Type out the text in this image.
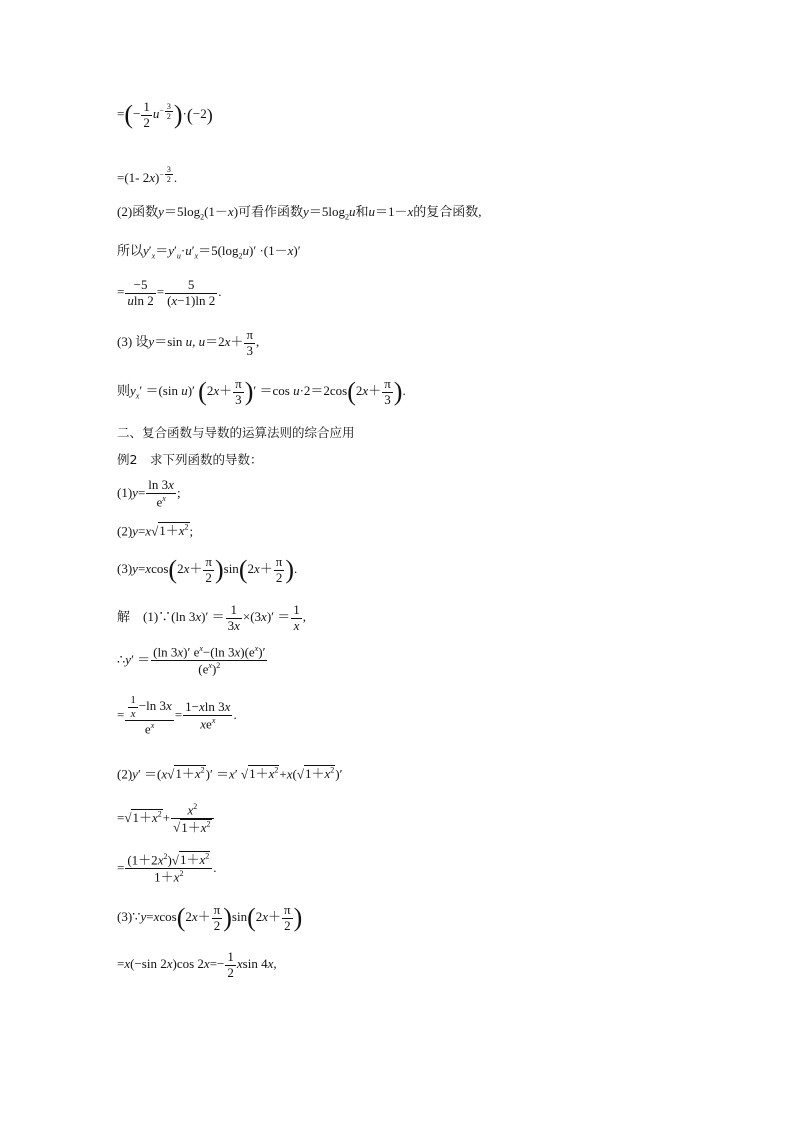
=(− $\frac{1}{2} u^{- \frac{3}{2}}$ )·(−2)
=(1- 2x)$^{- \frac{3}{2}}$ .
(2)函数$y=5\log_2(1-x)$可看作函数$y=5\log_2u$和u＝1－x的复合函数,
所以$y'_x=y'_u\cdot u'_x=5(\log_2u)' \cdot(1-x)'$
= $\frac{-5}{uln 2} = \frac{5}{(x-1)\ln 2}$ .
(3) 设y＝sin u, $u=2x+ \frac{\pi}{3}$ ,
则$y_x' =(\sin$ u)′ ($2x+ \frac{\pi}{3}$ )′ ＝cos $u\cdot 2=2\cos(2x+ \frac{\pi}{3}$ ).
二、复合函数与导数的运算法则的综合应用
例2　求下列函数的导数：
$(1)y= \frac{\ln 3x}{e^x}$ ;
$(2)y=x√1+x^2$;
$(3)y=xcos(2x+ \frac{\pi}{2} )\sin(2x+ \frac{\pi}{2}$ ).
解　(1)∵(ln $3x)' = \frac{1}{3x} \times(3x)' = \frac{1}{x}$ ,
∴y′ ＝ $\frac{(\ln 3x)' e^x-(\ln 3x)(e^x)'}{(e^x)^2}$
= $\frac{\frac{1}{x} -\ln 3x}{e^x}$ =
1−xln 3x
$xe^x$	.
$(2)y' =(x√1+x^2)' =x'$ $√1+x^2+x(√1+x^2)'$
$=√1+x^2+ \frac{x^2}{√1+x^2}$
= $\frac{(1+2x^2)√1+x^2}{1+x^2}$ .
(3)∵y=xcos(2x＋ $\frac{\pi}{2} )\sin(2x+ \frac{\pi}{2}$ )
=x(−sin 2x)cos $2x=- \frac{1}{2}$ xsin 4x,
